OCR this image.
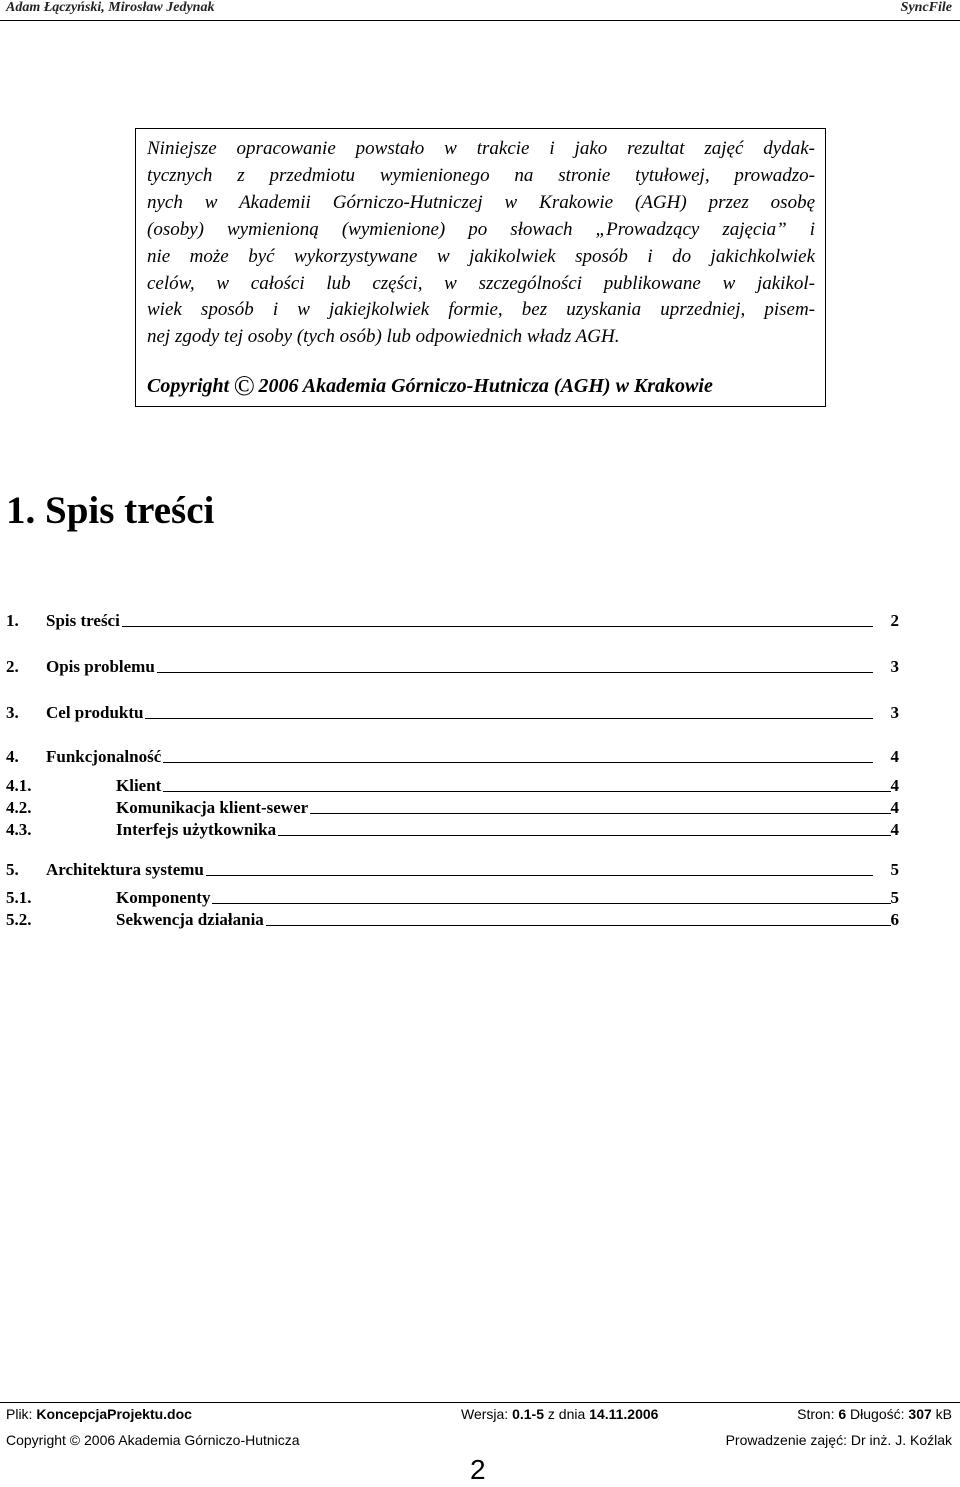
Adam Łączyński, Mirosław Jedynak	SyncFile
Niniejsze opracowanie powstało w trakcie i jako rezultat zajęć dydak-
tycznych z przedmiotu wymienionego na stronie tytułowej, prowadzo-
nych w Akademii Górniczo-Hutniczej w Krakowie (AGH) przez osobę
(osoby) wymienioną (wymienione) po słowach „Prowadzący zajęcia” i
nie może być wykorzystywane w jakikolwiek sposób i do jakichkolwiek
celów, w całości lub części, w szczególności publikowane w jakikol-
wiek sposób i w jakiejkolwiek formie, bez uzyskania uprzedniej, pisem-
nej zgody tej osoby (tych osób) lub odpowiednich władz AGH.
Copyright © 2006 Akademia Górniczo-Hutnicza (AGH) w Krakowie
1. Spis treści
1.	Spis treści	2
2.	Opis problemu	3
3.	Cel produktu	3
4.	Funkcjonalność	4
4.1.	Klient	4
4.2.	Komunikacja klient-sewer	4
4.3.	Interfejs użytkownika	4
5.	Architektura systemu	5
5.1.	Komponenty	5
5.2.	Sekwencja działania	6
Plik: KoncepcjaProjektu.doc	Wersja: 0.1-5 z dnia 14.11.2006	Stron: 6 Długość: 307 kB
Copyright © 2006 Akademia Górniczo-Hutnicza	Prowadzenie zajęć: Dr inż. J. Koźlak
2
